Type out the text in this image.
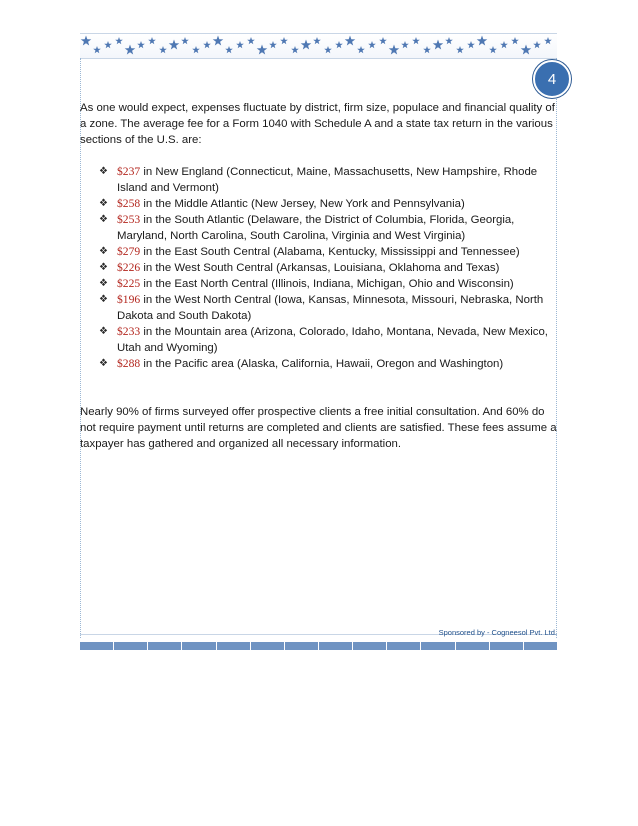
4

As one would expect, expenses fluctuate by district, firm size, populace and financial quality of a zone. The average fee for a Form 1040 with Schedule A and a state tax return in the various sections of the U.S. are:

❖ $237 in New England (Connecticut, Maine, Massachusetts, New Hampshire, Rhode Island and Vermont)
❖ $258 in the Middle Atlantic (New Jersey, New York and Pennsylvania)
❖ $253 in the South Atlantic (Delaware, the District of Columbia, Florida, Georgia, Maryland, North Carolina, South Carolina, Virginia and West Virginia)
❖ $279 in the East South Central (Alabama, Kentucky, Mississippi and Tennessee)
❖ $226 in the West South Central (Arkansas, Louisiana, Oklahoma and Texas)
❖ $225 in the East North Central (Illinois, Indiana, Michigan, Ohio and Wisconsin)
❖ $196 in the West North Central (Iowa, Kansas, Minnesota, Missouri, Nebraska, North Dakota and South Dakota)
❖ $233 in the Mountain area (Arizona, Colorado, Idaho, Montana, Nevada, New Mexico, Utah and Wyoming)
❖ $288 in the Pacific area (Alaska, California, Hawaii, Oregon and Washington)

Nearly 90% of firms surveyed offer prospective clients a free initial consultation. And 60% do not require payment until returns are completed and clients are satisfied. These fees assume a taxpayer has gathered and organized all necessary information.

Sponsored by - Cogneesol Pvt. Ltd.
